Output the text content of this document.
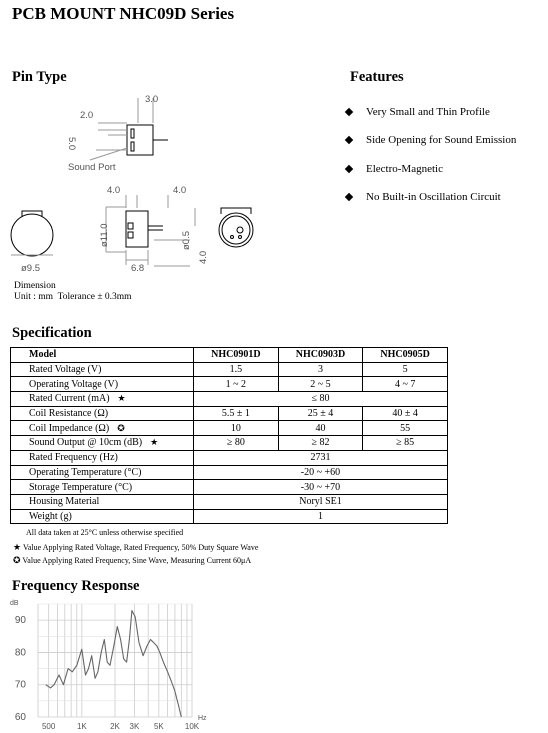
PCB MOUNT NHC09D Series
Pin Type
3.0
2.0
5.0
Sound Port
4.0	4.0
ø11.0
ø9.5	6.8
ø0.5
4.0
Dimension
Unit : mm  Tolerance ± 0.3mm
Features
Very Small and Thin Profile
Side Opening for Sound Emission
Electro-Magnetic
No Built-in Oscillation Circuit
Specification
Model	NHC0901D	NHC0903D	NHC0905D
Rated Voltage (V)	1.5	3	5
Operating Voltage (V)	1 ~ 2	2 ~ 5	4 ~ 7
Rated Current (mA) ★	≤ 80		
Coil Resistance (Ω)	5.5 ± 1	25 ± 4	40 ± 4
Coil Impedance (Ω) ✪	10	40	55
Sound Output @ 10cm (dB) ★	≥ 80	≥ 82	≥ 85
Rated Frequency (Hz)	2731		
Operating Temperature (°C)	-20 ~ +60		
Storage Temperature (°C)	-30 ~ +70		
Housing Material	Noryl SE1		
Weight (g)	1		
All data taken at 25°C unless otherwise specified
★ Value Applying Rated Voltage, Rated Frequency, 50% Duty Square Wave
✪ Value Applying Rated Frequency, Sine Wave, Measuring Current 60μA
Frequency Response
500	1K	2K 3K 5K	10K
60
70
80
90
dB
Hz
